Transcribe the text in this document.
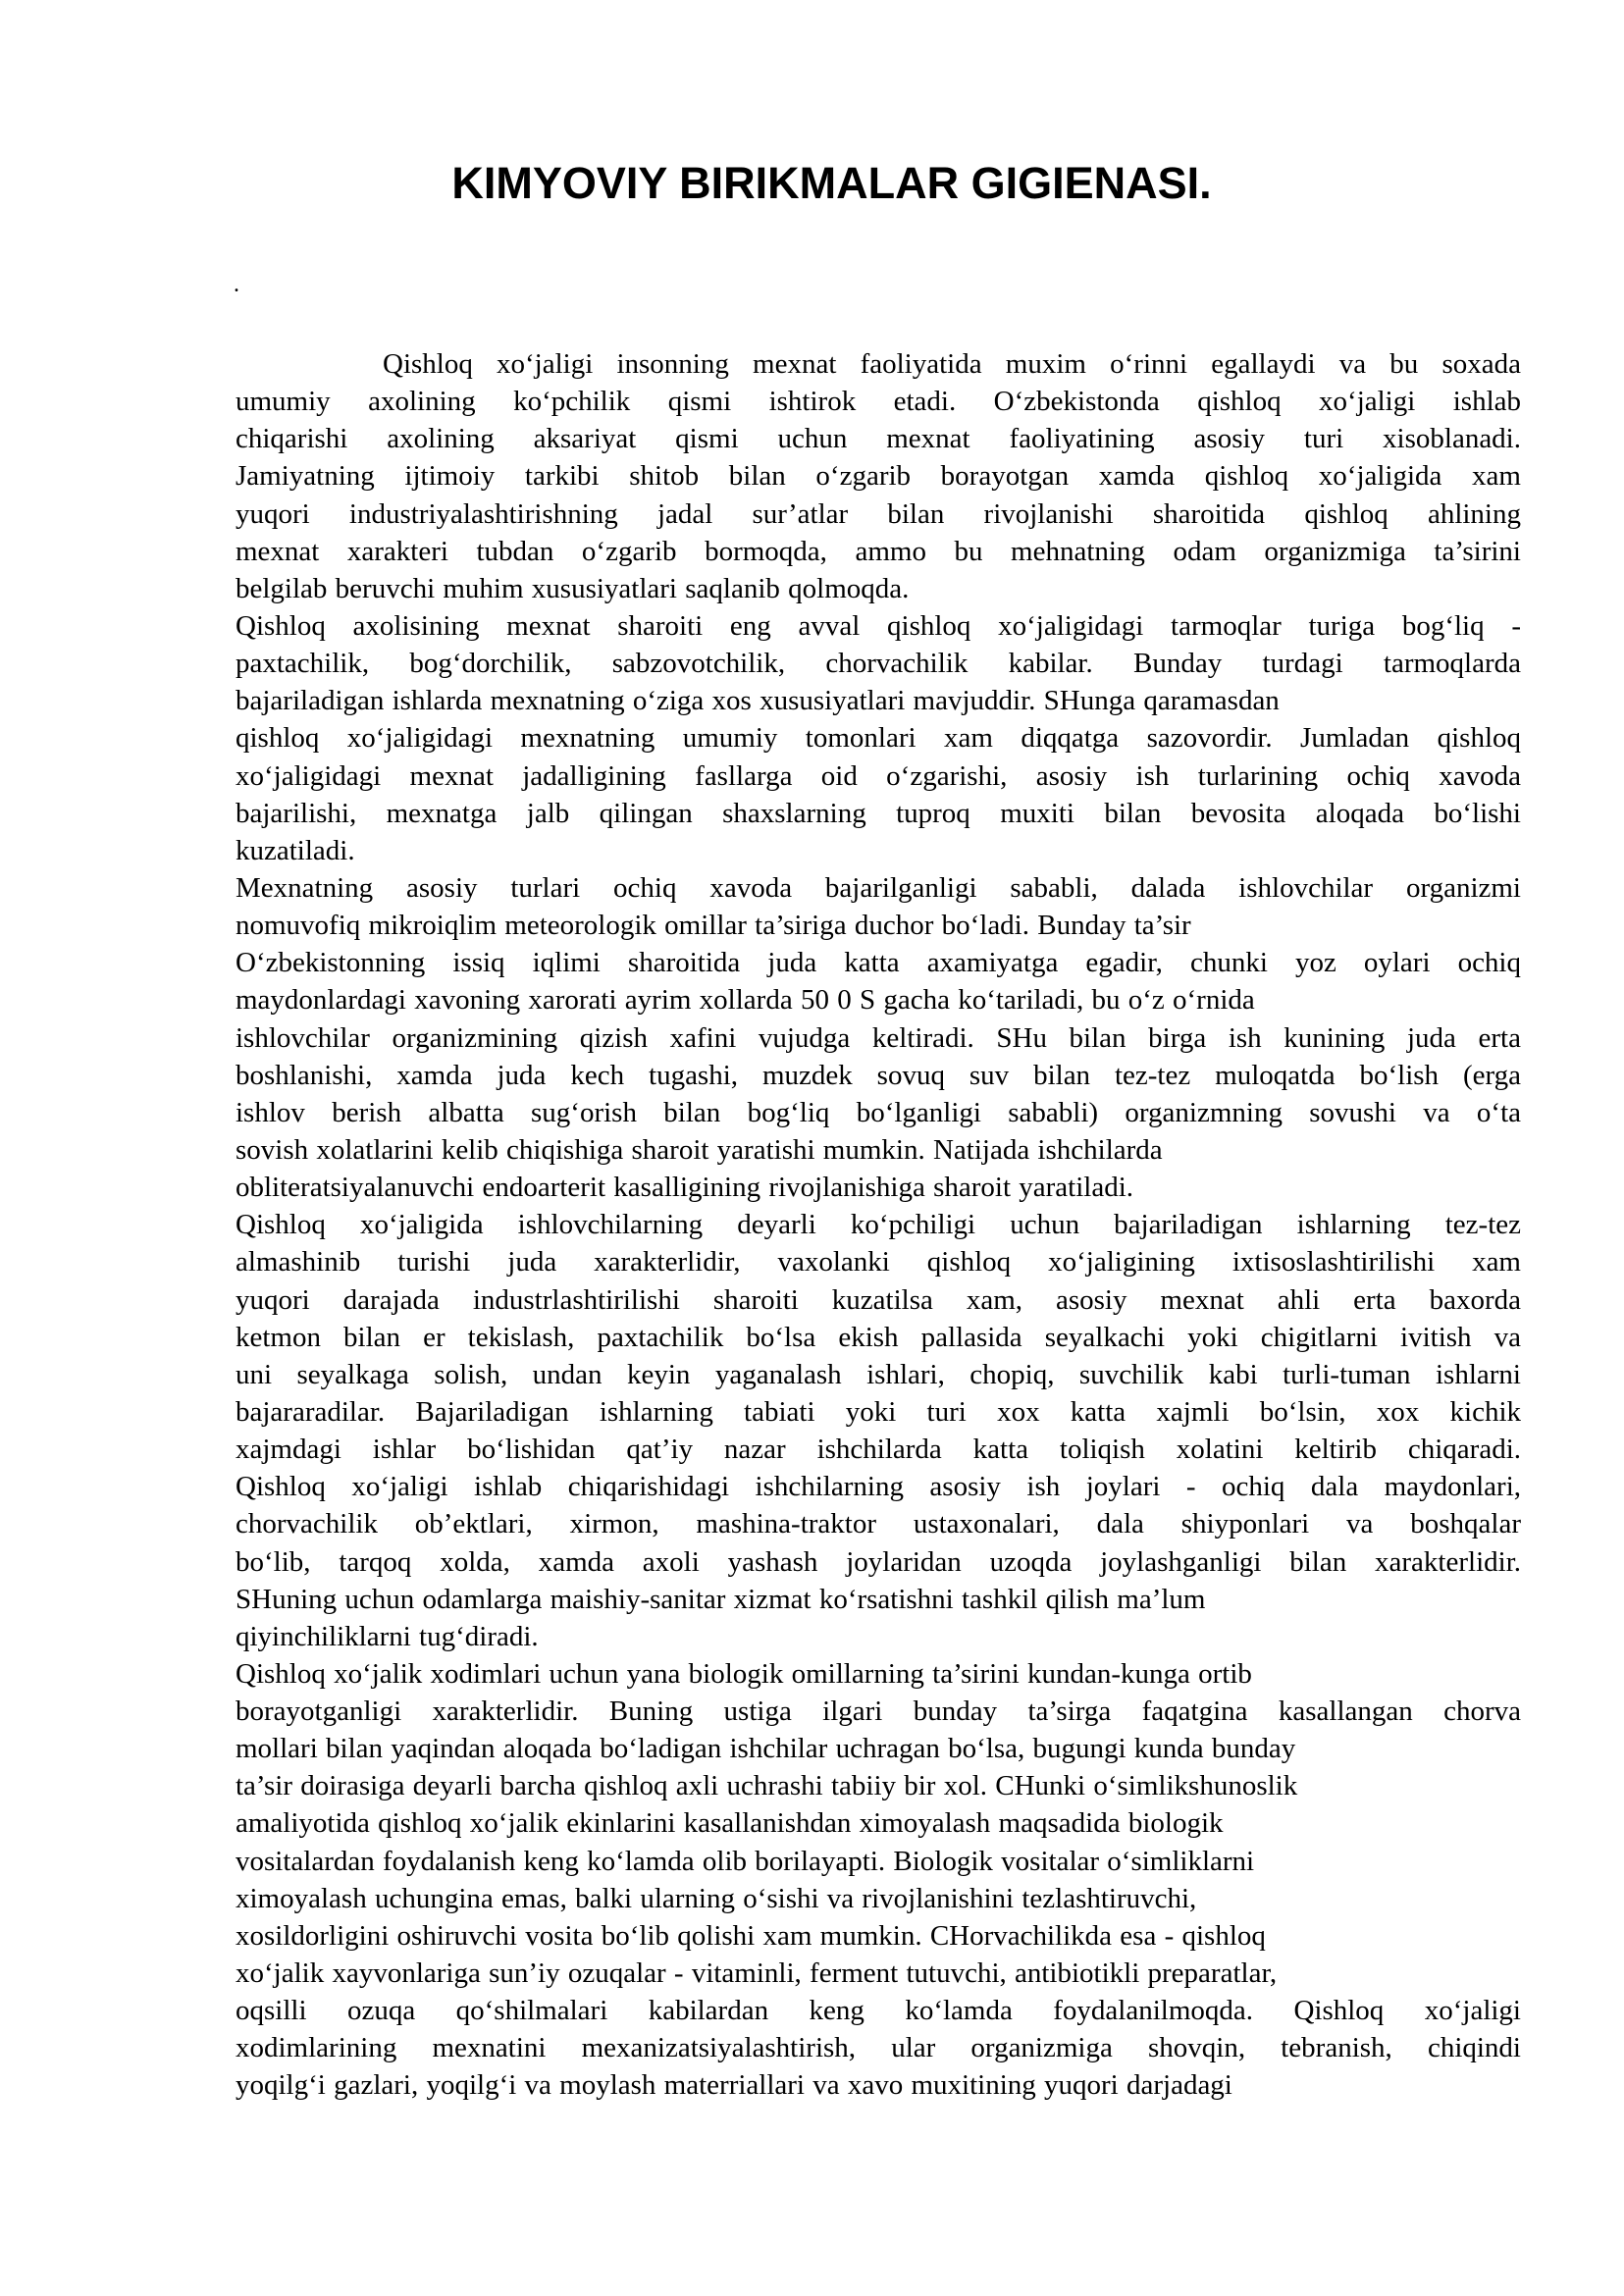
KIMYOVIY BIRIKMALAR GIGIENASI.
.
Qishloq xo‘jaligi insonning mexnat faoliyatida muxim o‘rinni egallaydi va bu soxada
umumiy axolining ko‘pchilik qismi ishtirok etadi. O‘zbekistonda qishloq xo‘jaligi ishlab
chiqarishi axolining aksariyat qismi uchun mexnat faoliyatining asosiy turi xisoblanadi.
Jamiyatning ijtimoiy tarkibi shitob bilan o‘zgarib borayotgan xamda qishloq xo‘jaligida xam
yuqori industriyalashtirishning jadal sur’atlar bilan rivojlanishi sharoitida qishloq ahlining
mexnat xarakteri tubdan o‘zgarib bormoqda, ammo bu mehnatning odam organizmiga ta’sirini
belgilab beruvchi muhim xususiyatlari saqlanib qolmoqda.
Qishloq axolisining mexnat sharoiti eng avval qishloq xo‘jaligidagi tarmoqlar turiga bog‘liq -
paxtachilik, bog‘dorchilik, sabzovotchilik, chorvachilik kabilar. Bunday turdagi tarmoqlarda
bajariladigan ishlarda mexnatning o‘ziga xos xususiyatlari mavjuddir. SHunga qaramasdan
qishloq xo‘jaligidagi mexnatning umumiy tomonlari xam diqqatga sazovordir. Jumladan qishloq
xo‘jaligidagi mexnat jadalligining fasllarga oid o‘zgarishi, asosiy ish turlarining ochiq xavoda
bajarilishi, mexnatga jalb qilingan shaxslarning tuproq muxiti bilan bevosita aloqada bo‘lishi
kuzatiladi.
Mexnatning asosiy turlari ochiq xavoda bajarilganligi sababli, dalada ishlovchilar organizmi
nomuvofiq mikroiqlim meteorologik omillar ta’siriga duchor bo‘ladi. Bunday ta’sir
O‘zbekistonning issiq iqlimi sharoitida juda katta axamiyatga egadir, chunki yoz oylari ochiq
maydonlardagi xavoning xarorati ayrim xollarda 50 0 S gacha ko‘tariladi, bu o‘z o‘rnida
ishlovchilar organizmining qizish xafini vujudga keltiradi. SHu bilan birga ish kunining juda erta
boshlanishi, xamda juda kech tugashi, muzdek sovuq suv bilan tez-tez muloqatda bo‘lish (erga
ishlov berish albatta sug‘orish bilan bog‘liq bo‘lganligi sababli) organizmning sovushi va o‘ta
sovish xolatlarini kelib chiqishiga sharoit yaratishi mumkin. Natijada ishchilarda
obliteratsiyalanuvchi endoarterit kasalligining rivojlanishiga sharoit yaratiladi.
Qishloq xo‘jaligida ishlovchilarning deyarli ko‘pchiligi uchun bajariladigan ishlarning tez-tez
almashinib turishi juda xarakterlidir, vaxolanki qishloq xo‘jaligining ixtisoslashtirilishi xam
yuqori darajada industrlashtirilishi sharoiti kuzatilsa xam, asosiy mexnat ahli erta baxorda
ketmon bilan er tekislash, paxtachilik bo‘lsa ekish pallasida seyalkachi yoki chigitlarni ivitish va
uni seyalkaga solish, undan keyin yaganalash ishlari, chopiq, suvchilik kabi turli-tuman ishlarni
bajararadilar. Bajariladigan ishlarning tabiati yoki turi xox katta xajmli bo‘lsin, xox kichik
xajmdagi ishlar bo‘lishidan qat’iy nazar ishchilarda katta toliqish xolatini keltirib chiqaradi.
Qishloq xo‘jaligi ishlab chiqarishidagi ishchilarning asosiy ish joylari - ochiq dala maydonlari,
chorvachilik ob’ektlari, xirmon, mashina-traktor ustaxonalari, dala shiyponlari va boshqalar
bo‘lib, tarqoq xolda, xamda axoli yashash joylaridan uzoqda joylashganligi bilan xarakterlidir.
SHuning uchun odamlarga maishiy-sanitar xizmat ko‘rsatishni tashkil qilish ma’lum
qiyinchiliklarni tug‘diradi.
Qishloq xo‘jalik xodimlari uchun yana biologik omillarning ta’sirini kundan-kunga ortib
borayotganligi xarakterlidir. Buning ustiga ilgari bunday ta’sirga faqatgina kasallangan chorva
mollari bilan yaqindan aloqada bo‘ladigan ishchilar uchragan bo‘lsa, bugungi kunda bunday
ta’sir doirasiga deyarli barcha qishloq axli uchrashi tabiiy bir xol. CHunki o‘simlikshunoslik
amaliyotida qishloq xo‘jalik ekinlarini kasallanishdan ximoyalash maqsadida biologik
vositalardan foydalanish keng ko‘lamda olib borilayapti. Biologik vositalar o‘simliklarni
ximoyalash uchungina emas, balki ularning o‘sishi va rivojlanishini tezlashtiruvchi,
xosildorligini oshiruvchi vosita bo‘lib qolishi xam mumkin. CHorvachilikda esa - qishloq
xo‘jalik xayvonlariga sun’iy ozuqalar - vitaminli, ferment tutuvchi, antibiotikli preparatlar,
oqsilli ozuqa qo‘shilmalari kabilardan keng ko‘lamda foydalanilmoqda. Qishloq xo‘jaligi
xodimlarining mexnatini mexanizatsiyalashtirish, ular organizmiga shovqin, tebranish, chiqindi
yoqilg‘i gazlari, yoqilg‘i va moylash materriallari va xavo muxitining yuqori darjadagi
